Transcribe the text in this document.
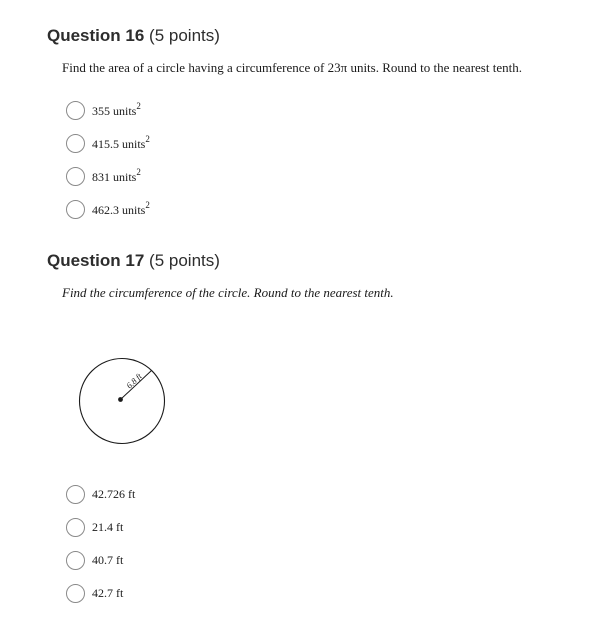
Question 16 (5 points)
Find the area of a circle having a circumference of 23π units. Round to the nearest tenth.
355 units$^2$
415.5 units$^2$
831 units$^2$
462.3 units$^2$
Question 17 (5 points)
Find the circumference of the circle. Round to the nearest tenth.
6.8 ft
42.726 ft
21.4 ft
40.7 ft
42.7 ft
